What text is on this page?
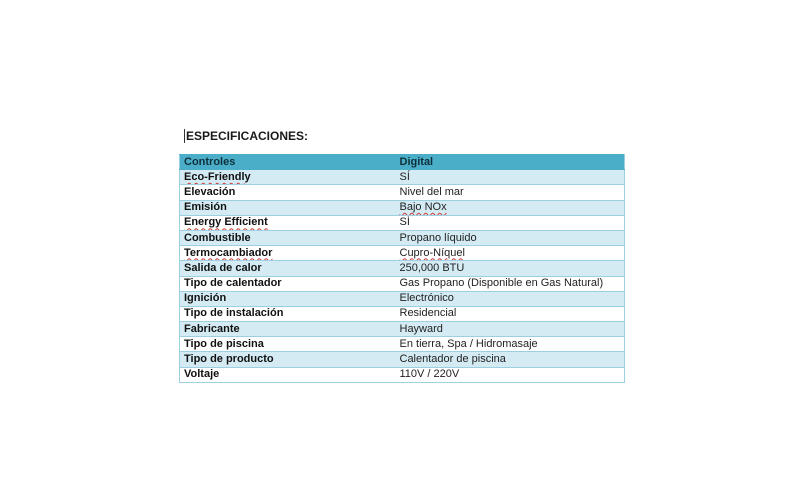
ESPECIFICACIONES:
Controles	Digital
Eco-Friendly	SÍ
Elevación	Nivel del mar
Emisión	Bajo NOx
Energy Efficient	SÍ
Combustible	Propano líquido
Termocambiador	Cupro-Níquel
Salida de calor	250,000 BTU
Tipo de calentador	Gas Propano (Disponible en Gas Natural)
Ignición	Electrónico
Tipo de instalación	Residencial
Fabricante	Hayward
Tipo de piscina	En tierra, Spa / Hidromasaje
Tipo de producto	Calentador de piscina
Voltaje	110V / 220V
